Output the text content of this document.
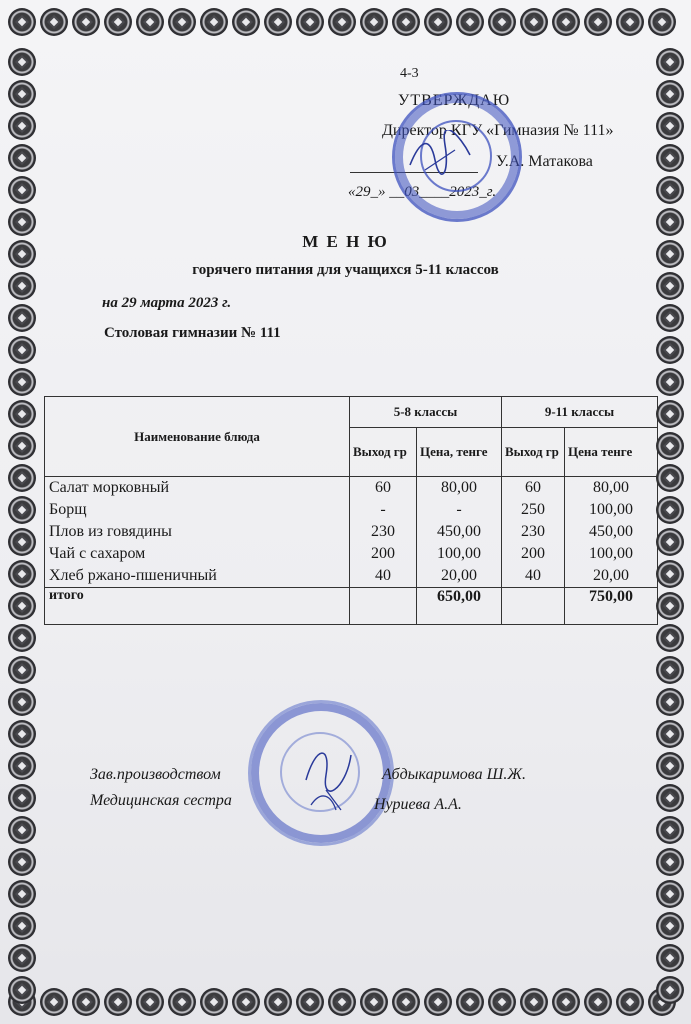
4-3
УТВЕРЖДАЮ
Директор КГУ «Гимназия № 111»
У.А. Матакова
«29_» __03____2023_г.
М Е Н Ю
горячего питания для учащихся 5-11 классов
на 29 марта 2023 г.
Столовая гимназии № 111
Наименование блюда	5-8 классы		9-11 классы	
	Выход гр	Цена, тенге	Выход гр	Цена тенге
Салат морковный	60	80,00	60	80,00
Борщ	-	-	250	100,00
Плов из говядины	230	450,00	230	450,00
Чай с сахаром	200	100,00	200	100,00
Хлеб ржано-пшеничный	40	20,00	40	20,00
итого		650,00		750,00
Зав.производством	Абдыкаримова Ш.Ж.
Медицинская сестра	Нуриева А.А.
